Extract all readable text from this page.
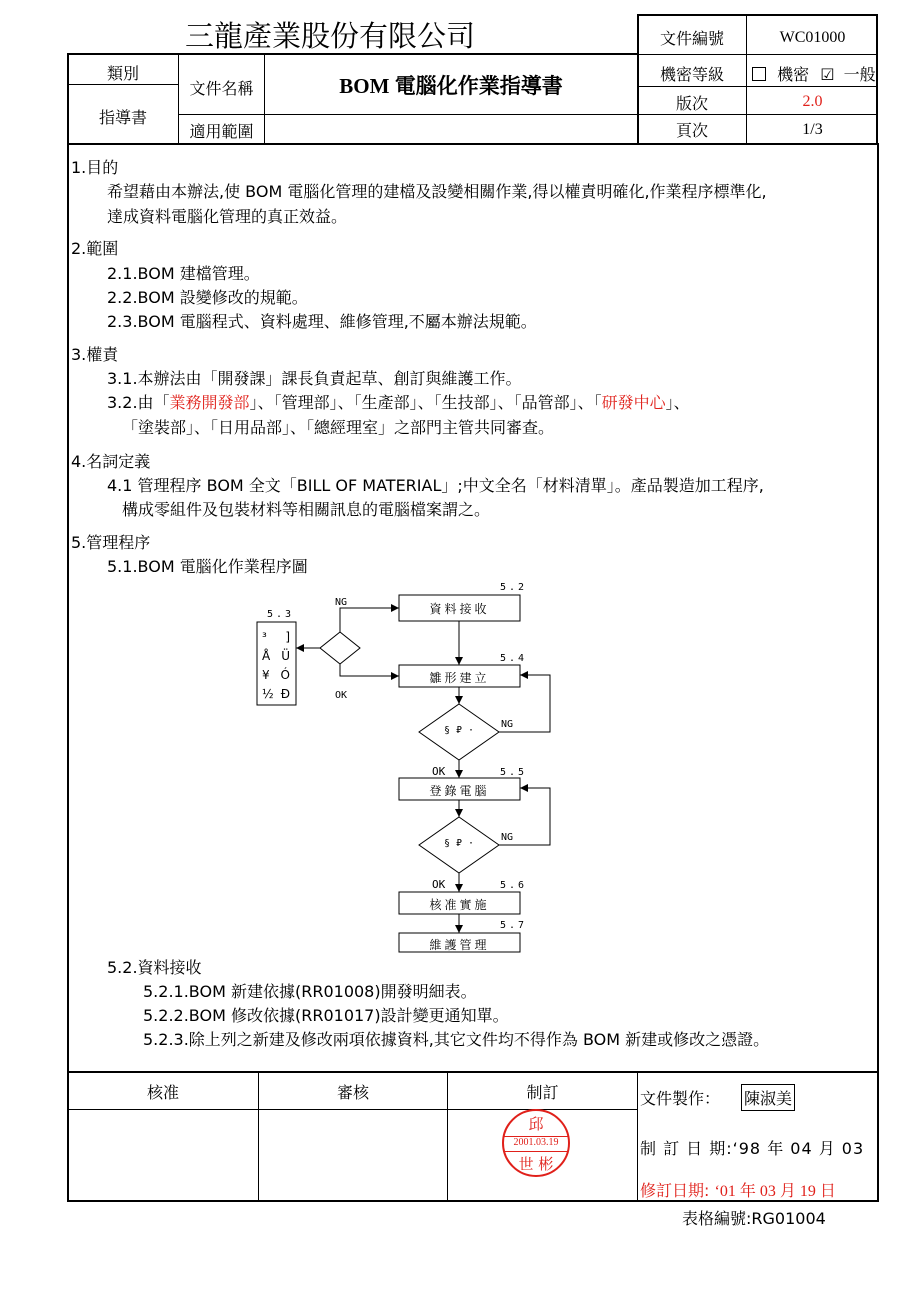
三龍產業股份有限公司
類別
指導書
文件名稱	BOM 電腦化作業指導書
適用範圍
文件編號	WC01000
機密等級	機密 ☑ 一般
版次	2.0
頁次	1/3
1.目的
希望藉由本辦法,使 BOM 電腦化管理的建檔及設變相關作業,得以權責明確化,作業程序標準化,
達成資料電腦化管理的真正效益。
2.範圍
2.1.BOM 建檔管理。
2.2.BOM 設變修改的規範。
2.3.BOM 電腦程式、資料處理、維修管理,不屬本辦法規範。
3.權責
3.1.本辦法由「開發課」課長負責起草、創訂與維護工作。
3.2.由「業務開發部」、「管理部」、「生產部」、「生技部」、「品管部」、「研發中心」、
「塗裝部」、「日用品部」、「總經理室」之部門主管共同審查。
4.名詞定義
4.1 管理程序 BOM 全文「BILL OF MATERIAL」;中文全名「材料清單」。產品製造加工程序,
構成零組件及包裝材料等相關訊息的電腦檔案謂之。
5.管理程序
5.1.BOM 電腦化作業程序圖
5.2
資料接收
5.3
³ ]
Å Ü
¥ Ó
½ Ð
NG
OK
5.4
雛形建立
§ ₽ ·
NG
OK	5.5
登錄電腦
§ ₽ ·
NG
OK	5.6
核准實施
5.7
維護管理
5.2.資料接收
5.2.1.BOM 新建依據(RR01008)開發明細表。
5.2.2.BOM 修改依據(RR01017)設計變更通知單。
5.2.3.除上列之新建及修改兩項依據資料,其它文件均不得作為 BOM 新建或修改之憑證。
核准	審核	制訂
邱
2001.03.19
世 彬
文件製作： 陳淑美
制 訂 日 期:‘98 年 04 月 03
修訂日期: ‘01 年 03 月 19 日
表格編號:RG01004
